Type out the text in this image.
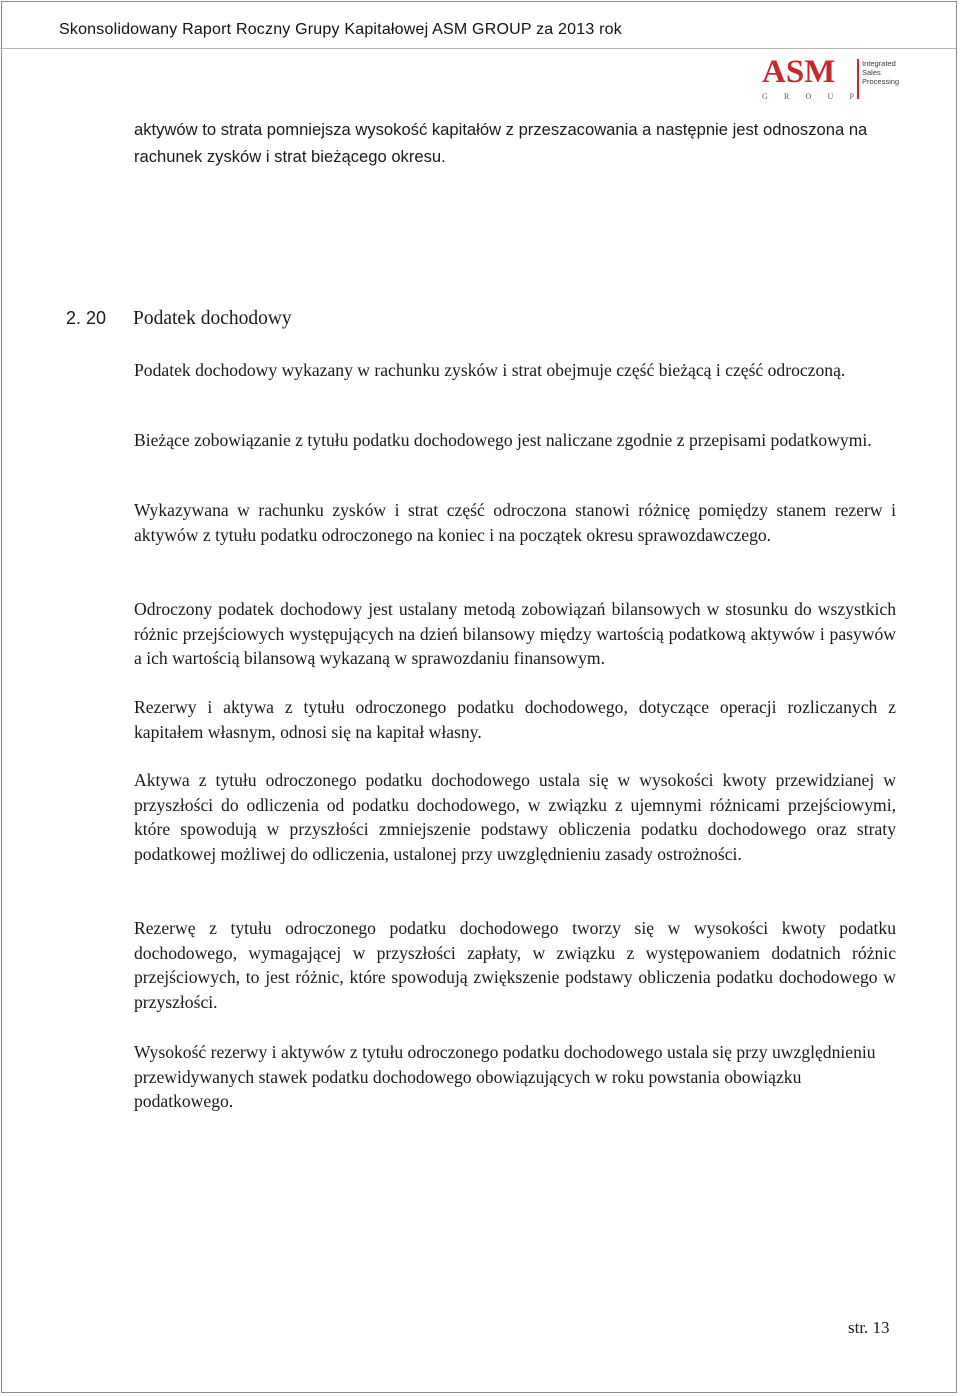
Skonsolidowany Raport Roczny Grupy Kapitałowej ASM GROUP za 2013 rok
ASM
G R O U P
Integrated
Sales
Processing

aktywów to strata pomniejsza wysokość kapitałów z przeszacowania a następnie jest odnoszona na rachunek zysków i strat bieżącego okresu.

2. 20 Podatek dochodowy

Podatek dochodowy wykazany w rachunku zysków i strat obejmuje część bieżącą i część odroczoną.

Bieżące zobowiązanie z tytułu podatku dochodowego jest naliczane zgodnie z przepisami podatkowymi.

Wykazywana w rachunku zysków i strat część odroczona stanowi różnicę pomiędzy stanem rezerw i aktywów z tytułu podatku odroczonego na koniec i na początek okresu sprawozdawczego.

Odroczony podatek dochodowy jest ustalany metodą zobowiązań bilansowych w stosunku do wszystkich różnic przejściowych występujących na dzień bilansowy między wartością podatkową aktywów i pasywów a ich wartością bilansową wykazaną w sprawozdaniu finansowym.

Rezerwy i aktywa z tytułu odroczonego podatku dochodowego, dotyczące operacji rozliczanych z kapitałem własnym, odnosi się na kapitał własny.

Aktywa z tytułu odroczonego podatku dochodowego ustala się w wysokości kwoty przewidzianej w przyszłości do odliczenia od podatku dochodowego, w związku z ujemnymi różnicami przejściowymi, które spowodują w przyszłości zmniejszenie podstawy obliczenia podatku dochodowego oraz straty podatkowej możliwej do odliczenia, ustalonej przy uwzględnieniu zasady ostrożności.

Rezerwę z tytułu odroczonego podatku dochodowego tworzy się w wysokości kwoty podatku dochodowego, wymagającej w przyszłości zapłaty, w związku z występowaniem dodatnich różnic przejściowych, to jest różnic, które spowodują zwiększenie podstawy obliczenia podatku dochodowego w przyszłości.

Wysokość rezerwy i aktywów z tytułu odroczonego podatku dochodowego ustala się przy uwzględnieniu przewidywanych stawek podatku dochodowego obowiązujących w roku powstania obowiązku podatkowego.

str. 13
